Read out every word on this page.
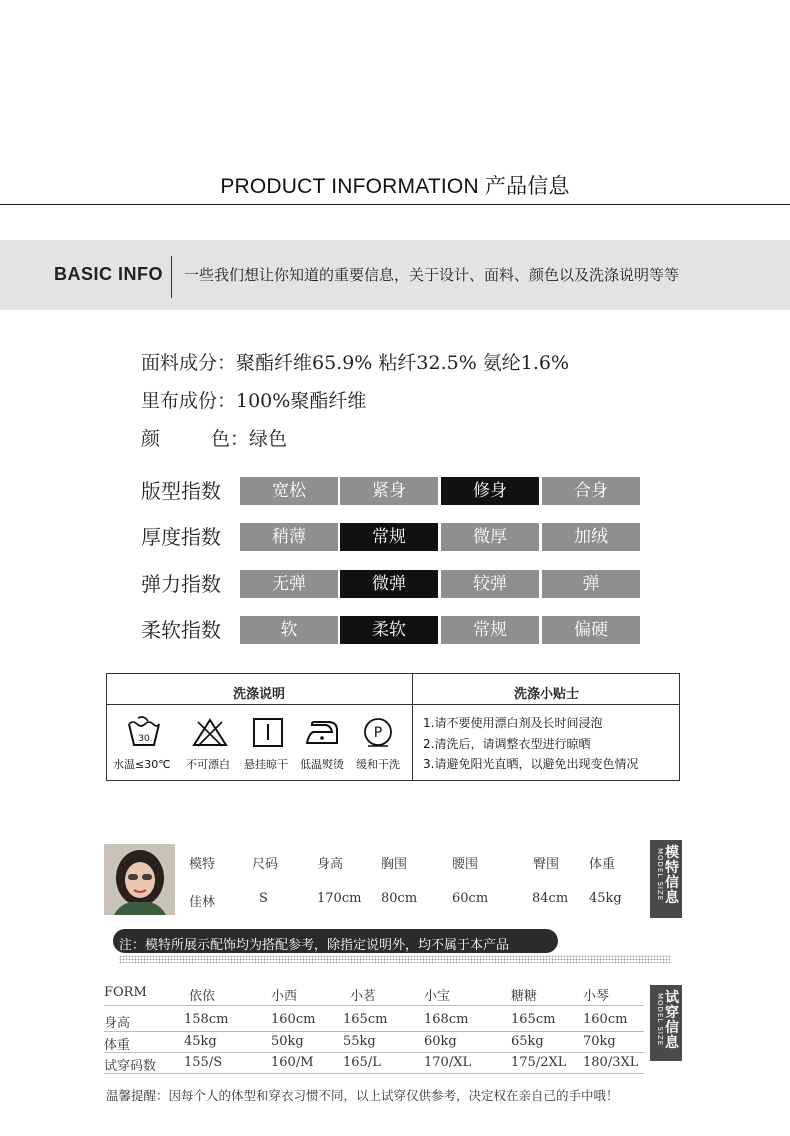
PRODUCT INFORMATION 产品信息
BASIC INFO 一些我们想让你知道的重要信息，关于设计、面料、颜色以及洗涤说明等等
面料成分：聚酯纤维65.9% 粘纤32.5% 氨纶1.6%
里布成份：100%聚酯纤维
颜	色：绿色
版型指数	宽松	紧身	修身	合身
厚度指数	稍薄	常规	微厚	加绒
弹力指数	无弹	微弹	较弹	弹
柔软指数	软	柔软	常规	偏硬
洗涤说明	洗涤小贴士
30	P
水温≤30℃ 不可漂白 悬挂晾干 低温熨烫 缓和干洗
1.请不要使用漂白剂及长时间浸泡
2.清洗后，请调整衣型进行晾晒
3.请避免阳光直晒，以避免出现变色情况
模特	尺码	身高	胸围	腰围	臀围 体重
佳林	S	170cm 80cm	60cm	84cm 45kg
模特信息
MODEL SIZE
注：模特所展示配饰均为搭配参考，除指定说明外，均不属于本产品
FORM	依依	小西	小茗	小宝	糖糖	小琴
身高	158cm	160cm 165cm	168cm	165cm 160cm
体重	45kg	50kg	55kg	60kg	65kg	70kg
试穿码数 155/S	160/M 165/L	170/XL	175/2XL 180/3XL
试穿信息
MODEL SIZE
温馨提醒：因每个人的体型和穿衣习惯不同，以上试穿仅供参考，决定权在亲自己的手中哦！
